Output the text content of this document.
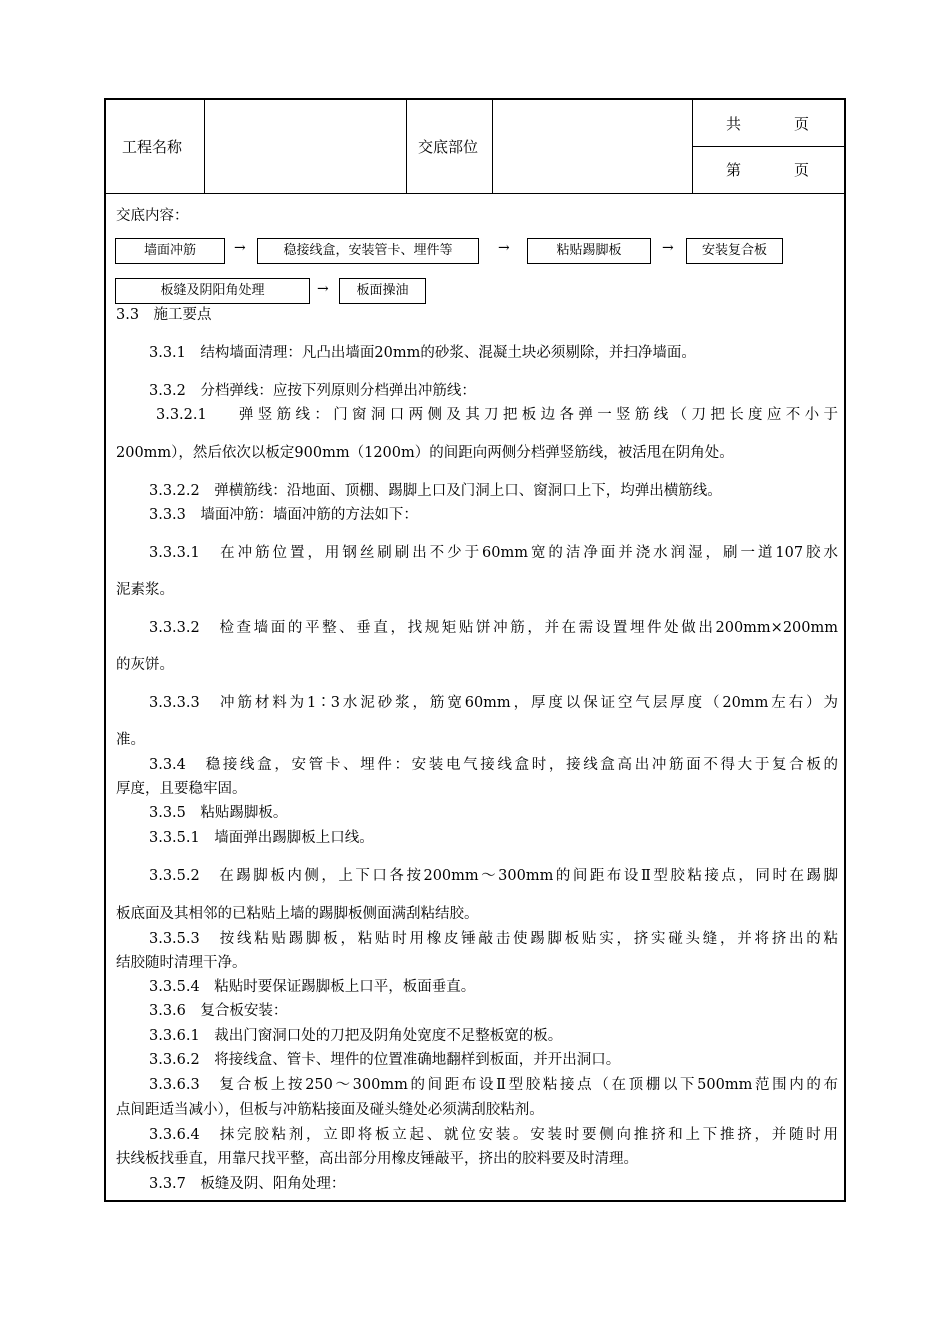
工程名称	交底部位
共	页
第	页
交底内容：
墙面冲筋	→	稳接线盒，安装管卡、埋件等	→	粘贴踢脚板	→	安装复合板
板缝及阴阳角处理	→	板面操油
3.3　施工要点
3.3.1　结构墙面清理：凡凸出墙面20mm的砂浆、混凝土块必须剔除，并扫净墙面。
3.3.2　分档弹线：应按下列原则分档弹出冲筋线：
3.3.2.1　 弹竖筋线：门窗洞口两侧及其刀把板边各弹一竖筋线（刀把长度应不小于
200mm），然后依次以板定900mm（1200m）的间距向两侧分档弹竖筋线，被活甩在阴角处。
3.3.2.2　弹横筋线：沿地面、顶棚、踢脚上口及门洞上口、窗洞口上下，均弹出横筋线。
3.3.3　墙面冲筋：墙面冲筋的方法如下：
3.3.3.1　在冲筋位置，用钢丝刷刷出不少于60mm宽的洁净面并浇水润湿，刷一道107胶水
泥素浆。
3.3.3.2　检查墙面的平整、垂直，找规矩贴饼冲筋，并在需设置埋件处做出200mm×200mm
的灰饼。
3.3.3.3　冲筋材料为1∶3水泥砂浆，筋宽60mm，厚度以保证空气层厚度（20mm左右）为
准。
3.3.4　稳接线盒，安管卡、埋件：安装电气接线盒时，接线盒高出冲筋面不得大于复合板的
厚度，且要稳牢固。
3.3.5　粘贴踢脚板。
3.3.5.1　墙面弹出踢脚板上口线。
3.3.5.2　在踢脚板内侧，上下口各按200mm～300mm的间距布设Ⅱ型胶粘接点，同时在踢脚
板底面及其相邻的已粘贴上墙的踢脚板侧面满刮粘结胶。
3.3.5.3　按线粘贴踢脚板，粘贴时用橡皮锤敲击使踢脚板贴实，挤实碰头缝，并将挤出的粘
结胶随时清理干净。
3.3.5.4　粘贴时要保证踢脚板上口平，板面垂直。
3.3.6　复合板安装：
3.3.6.1　裁出门窗洞口处的刀把及阴角处宽度不足整板宽的板。
3.3.6.2　将接线盒、管卡、埋件的位置准确地翻样到板面，并开出洞口。
3.3.6.3　复合板上按250～300mm的间距布设Ⅱ型胶粘接点（在顶棚以下500mm范围内的布
点间距适当减小），但板与冲筋粘接面及碰头缝处必须满刮胶粘剂。
3.3.6.4　抹完胶粘剂，立即将板立起、就位安装。安装时要侧向推挤和上下推挤，并随时用
扶线板找垂直，用靠尺找平整，高出部分用橡皮锤敲平，挤出的胶料要及时清理。
3.3.7　板缝及阴、阳角处理：
